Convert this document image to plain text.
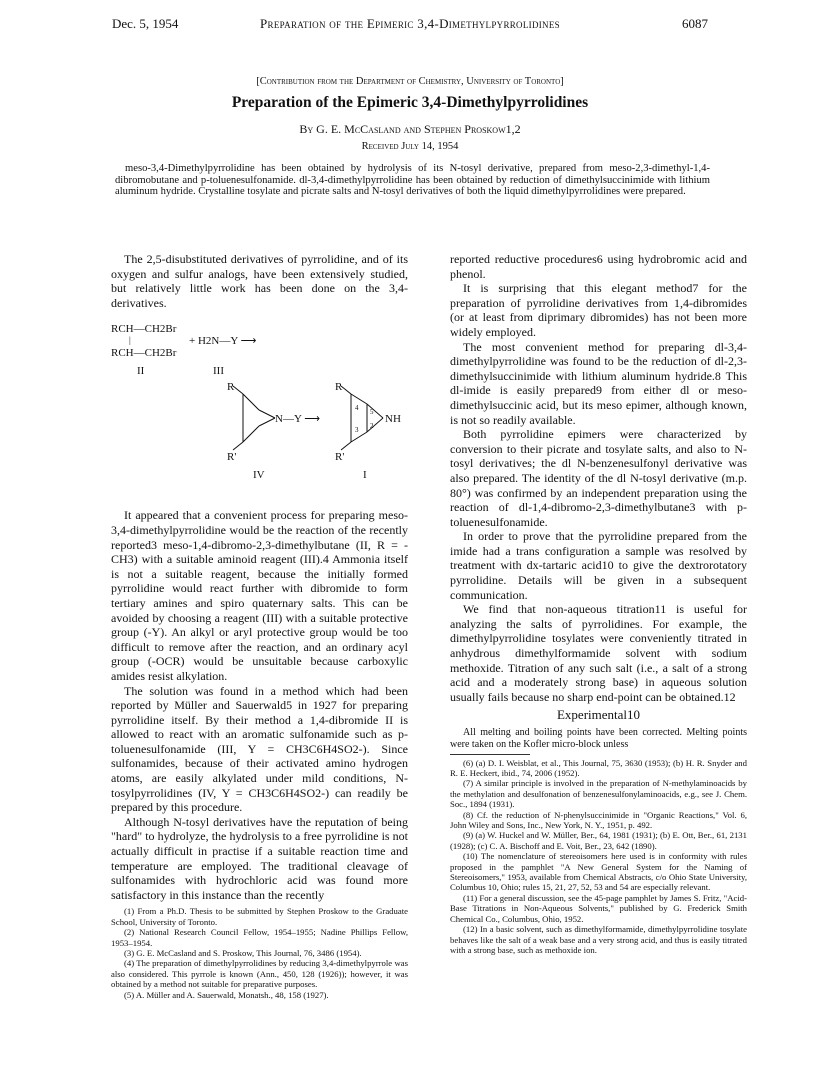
Dec. 5, 1954	Preparation of the Epimeric 3,4-Dimethylpyrrolidines	6087
[Contribution from the Department of Chemistry, University of Toronto]
Preparation of the Epimeric 3,4-Dimethylpyrrolidines
By G. E. McCasland and Stephen Proskow1,2
Received July 14, 1954
meso-3,4-Dimethylpyrrolidine has been obtained by hydrolysis of its N-tosyl derivative, prepared from meso-2,3-dimethyl-1,4-dibromobutane and p-toluenesulfonamide. dl-3,4-dimethylpyrrolidine has been obtained by reduction of dimethylsuccinimide with lithium aluminum hydride. Crystalline tosylate and picrate salts and N-tosyl derivatives of both the liquid dimethylpyrrolidines were prepared.

The 2,5-disubstituted derivatives of pyrrolidine, and of its oxygen and sulfur analogs, have been extensively studied, but relatively little work has been done on the 3,4-derivatives.

RCH—CH2Br
|	+ H2N—Y ⟶
RCH—CH2Br
II	III
R
R'
N—Y ⟶
R
R'
NH
4 5
3 2
IV	I

It appeared that a convenient process for preparing meso-3,4-dimethylpyrrolidine would be the reaction of the recently reported3 meso-1,4-dibromo-2,3-dimethylbutane (II, R = -CH3) with a suitable aminoid reagent (III).4 Ammonia itself is not a suitable reagent, because the initially formed pyrrolidine would react further with dibromide to form tertiary amines and spiro quaternary salts. This can be avoided by choosing a reagent (III) with a suitable protective group (-Y). An alkyl or aryl protective group would be too difficult to remove after the reaction, and an ordinary acyl group (-OCR) would be unsuitable because carboxylic amides resist alkylation.

The solution was found in a method which had been reported by Müller and Sauerwald5 in 1927 for preparing pyrrolidine itself. By their method a 1,4-dibromide II is allowed to react with an aromatic sulfonamide such as p-toluenesulfonamide (III, Y = CH3C6H4SO2-). Since sulfonamides, because of their activated amino hydrogen atoms, are easily alkylated under mild conditions, N-tosylpyrrolidines (IV, Y = CH3C6H4SO2-) can readily be prepared by this procedure.

Although N-tosyl derivatives have the reputation of being "hard" to hydrolyze, the hydrolysis to a free pyrrolidine is not actually difficult in practise if a suitable reaction time and temperature are employed. The traditional cleavage of sulfonamides with hydrochloric acid was found more satisfactory in this instance than the recently

(1) From a Ph.D. Thesis to be submitted by Stephen Proskow to the Graduate School, University of Toronto.

(2) National Research Council Fellow, 1954–1955; Nadine Phillips Fellow, 1953–1954.

(3) G. E. McCasland and S. Proskow, This Journal, 76, 3486 (1954).

(4) The preparation of dimethylpyrrolidines by reducing 3,4-dimethylpyrrole was also considered. This pyrrole is known (Ann., 450, 128 (1926)); however, it was obtained by a method not suitable for preparative purposes.

(5) A. Müller and A. Sauerwald, Monatsh., 48, 158 (1927).

reported reductive procedures6 using hydrobromic acid and phenol.

It is surprising that this elegant method7 for the preparation of pyrrolidine derivatives from 1,4-dibromides (or at least from diprimary dibromides) has not been more widely employed.

The most convenient method for preparing dl-3,4-dimethylpyrrolidine was found to be the reduction of dl-2,3-dimethylsuccinimide with lithium aluminum hydride.8 This dl-imide is easily prepared9 from either dl or meso-dimethylsuccinic acid, but its meso epimer, although known, is not so readily available.

Both pyrrolidine epimers were characterized by conversion to their picrate and tosylate salts, and also to N-tosyl derivatives; the dl N-benzenesulfonyl derivative was also prepared. The identity of the dl N-tosyl derivative (m.p. 80°) was confirmed by an independent preparation using the reaction of dl-1,4-dibromo-2,3-dimethylbutane3 with p-toluenesulfonamide.

In order to prove that the pyrrolidine prepared from the imide had a trans configuration a sample was resolved by treatment with dx-tartaric acid10 to give the dextrorotatory pyrrolidine. Details will be given in a subsequent communication.

We find that non-aqueous titration11 is useful for analyzing the salts of pyrrolidines. For example, the dimethylpyrrolidine tosylates were conveniently titrated in anhydrous dimethylformamide solvent with sodium methoxide. Titration of any such salt (i.e., a salt of a strong acid and a moderately strong base) in aqueous solution usually fails because no sharp end-point can be obtained.12

Experimental10

All melting and boiling points have been corrected. Melting points were taken on the Kofler micro-block unless

(6) (a) D. I. Weisblat, et al., This Journal, 75, 3630 (1953); (b) H. R. Snyder and R. E. Heckert, ibid., 74, 2006 (1952).

(7) A similar principle is involved in the preparation of N-methylaminoacids by the methylation and desulfonation of benzenesulfonylaminoacids, e.g., see J. Chem. Soc., 1894 (1931).

(8) Cf. the reduction of N-phenylsuccinimide in "Organic Reactions," Vol. 6, John Wiley and Sons, Inc., New York, N. Y., 1951, p. 492.

(9) (a) W. Huckel and W. Müller, Ber., 64, 1981 (1931); (b) E. Ott, Ber., 61, 2131 (1928); (c) C. A. Bischoff and E. Voit, Ber., 23, 642 (1890).

(10) The nomenclature of stereoisomers here used is in conformity with rules proposed in the pamphlet "A New General System for the Naming of Stereoisomers," 1953, available from Chemical Abstracts, c/o Ohio State University, Columbus 10, Ohio; rules 15, 21, 27, 52, 53 and 54 are especially relevant.

(11) For a general discussion, see the 45-page pamphlet by James S. Fritz, "Acid-Base Titrations in Non-Aqueous Solvents," published by G. Frederick Smith Chemical Co., Columbus, Ohio, 1952.

(12) In a basic solvent, such as dimethylformamide, dimethylpyrrolidine tosylate behaves like the salt of a weak base and a very strong acid, and thus is easily titrated with a strong base, such as methoxide ion.
